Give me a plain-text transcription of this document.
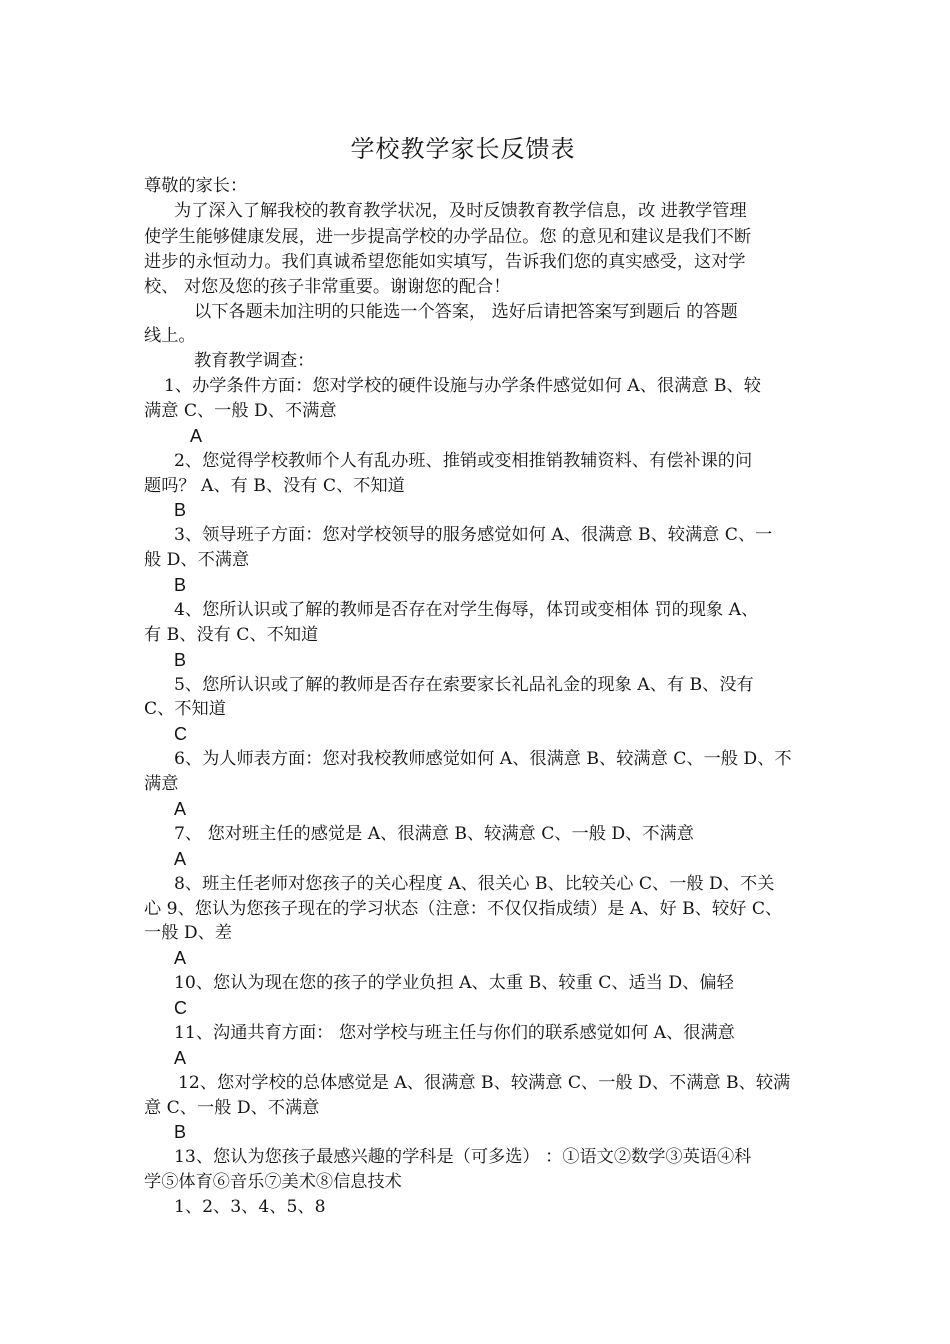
学校教学家长反馈表

尊敬的家长：

为了深入了解我校的教育教学状况，及时反馈教育教学信息，改 进教学管理

使学生能够健康发展，进一步提高学校的办学品位。您 的意见和建议是我们不断

进步的永恒动力。我们真诚希望您能如实填写，告诉我们您的真实感受，这对学

校、 对您及您的孩子非常重要。谢谢您的配合！

以下各题未加注明的只能选一个答案， 选好后请把答案写到题后 的答题

线上。

教育教学调查：

1、办学条件方面：您对学校的硬件设施与办学条件感觉如何 A、很满意 B、较

满意 C、一般 D、不满意

A

2、您觉得学校教师个人有乱办班、推销或变相推销教辅资料、有偿补课的问

题吗？ A、有 B、没有 C、不知道

B

3、领导班子方面：您对学校领导的服务感觉如何 A、很满意 B、较满意 C、一

般 D、不满意

B

4、您所认识或了解的教师是否存在对学生侮辱，体罚或变相体 罚的现象 A、

有 B、没有 C、不知道

B

5、您所认识或了解的教师是否存在索要家长礼品礼金的现象 A、有 B、没有

C、不知道

C

6、为人师表方面：您对我校教师感觉如何 A、很满意 B、较满意 C、一般 D、不

满意

A

7、 您对班主任的感觉是 A、很满意 B、较满意 C、一般 D、不满意

A

8、班主任老师对您孩子的关心程度 A、很关心 B、比较关心 C、一般 D、不关

心 9、您认为您孩子现在的学习状态（注意：不仅仅指成绩）是 A、好 B、较好 C、

一般 D、差

A

10、您认为现在您的孩子的学业负担 A、太重 B、较重 C、适当 D、偏轻

C

11、沟通共育方面： 您对学校与班主任与你们的联系感觉如何 A、很满意

A

12、您对学校的总体感觉是 A、很满意 B、较满意 C、一般 D、不满意 B、较满

意 C、一般 D、不满意

B

13、您认为您孩子最感兴趣的学科是（可多选） ：①语文②数学③英语④科

学⑤体育⑥音乐⑦美术⑧信息技术

1、2、3、4、5、8
